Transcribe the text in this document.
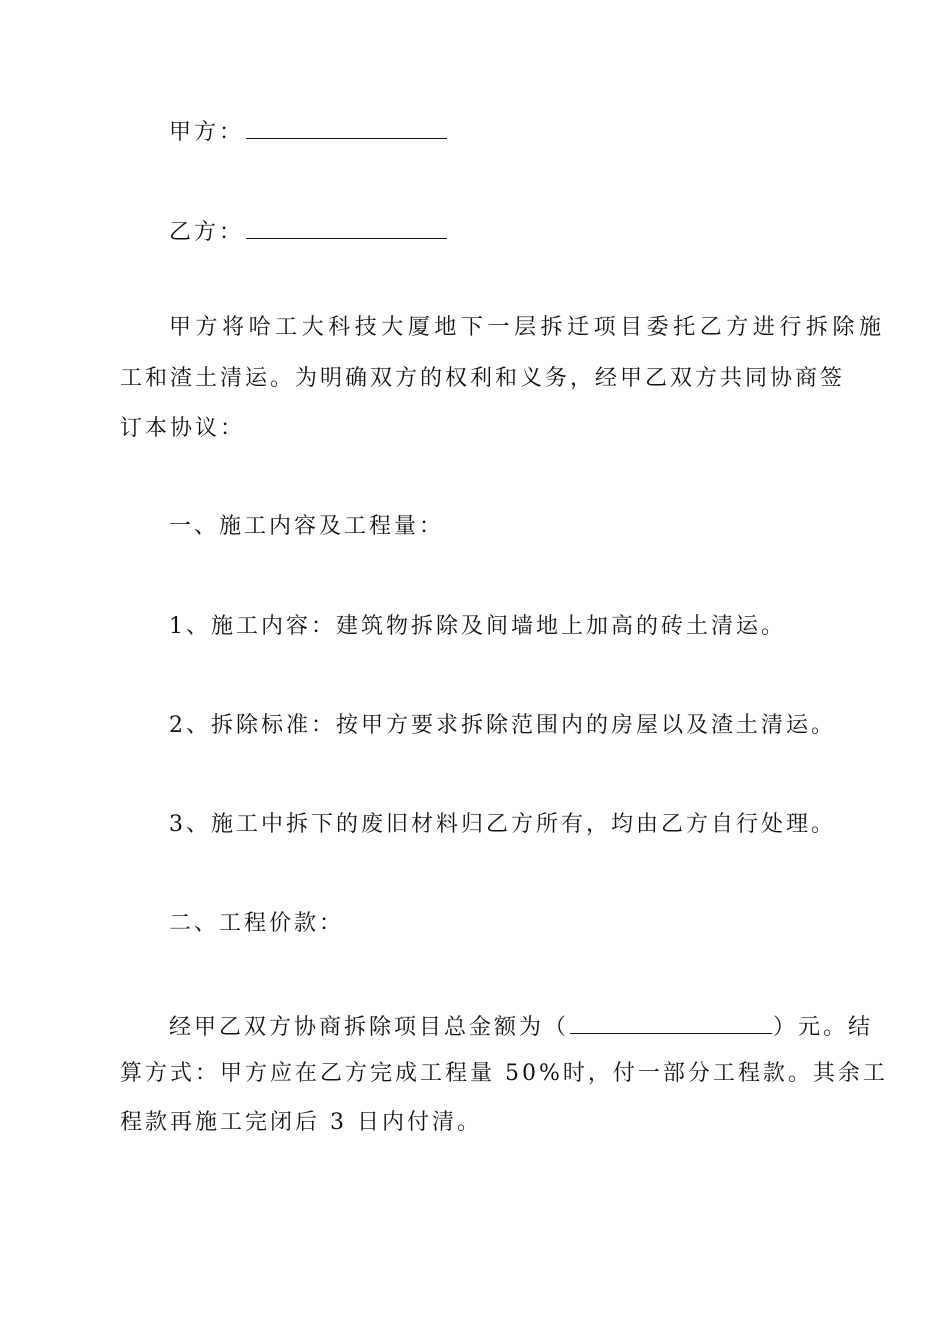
甲方：
乙方：
甲方将哈工大科技大厦地下一层拆迁项目委托乙方进行拆除施
工和渣土清运。为明确双方的权利和义务，经甲乙双方共同协商签
订本协议：
一、施工内容及工程量：
1、施工内容：建筑物拆除及间墙地上加高的砖土清运。
2、拆除标准：按甲方要求拆除范围内的房屋以及渣土清运。
3、施工中拆下的废旧材料归乙方所有，均由乙方自行处理。
二、工程价款：
经甲乙双方协商拆除项目总金额为（	）元。结
算方式：甲方应在乙方完成工程量 50%时，付一部分工程款。其余工
程款再施工完闭后 3 日内付清。
